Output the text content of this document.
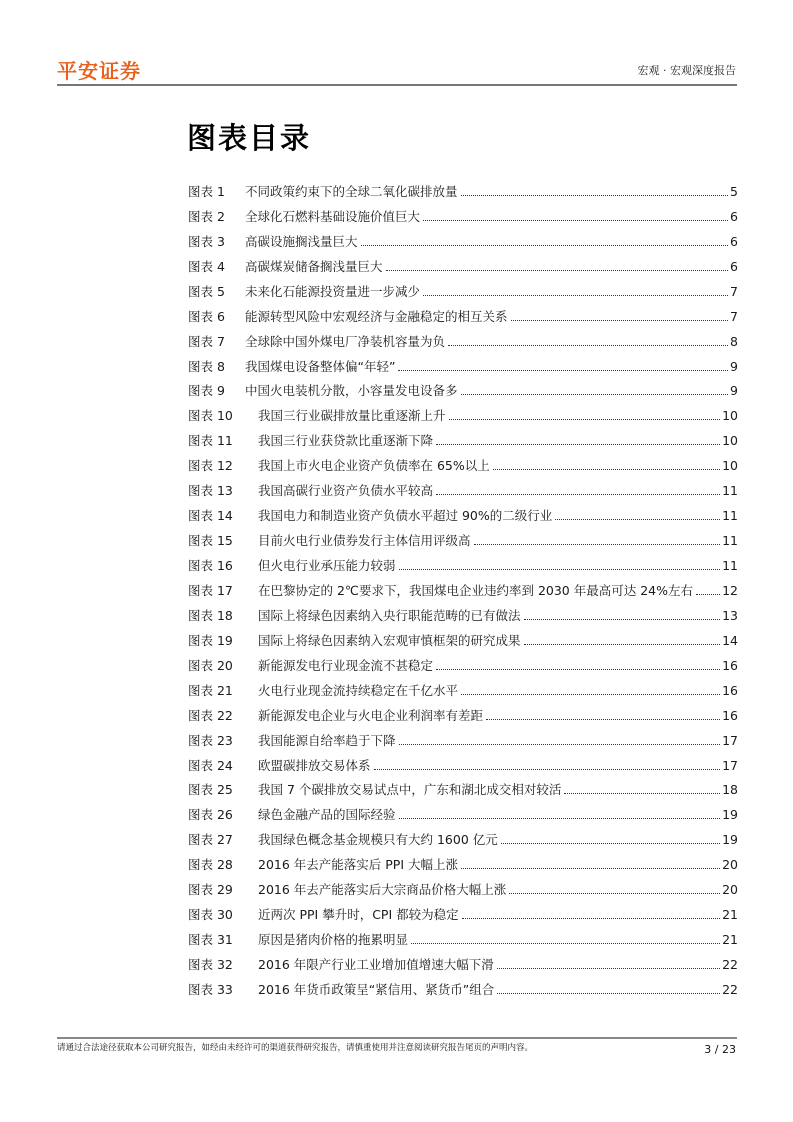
平安证券	宏观 · 宏观深度报告
图表目录
图表 1	不同政策约束下的全球二氧化碳排放量	5
图表 2	全球化石燃料基础设施价值巨大	6
图表 3	高碳设施搁浅量巨大	6
图表 4	高碳煤炭储备搁浅量巨大	6
图表 5	未来化石能源投资量进一步减少	7
图表 6	能源转型风险中宏观经济与金融稳定的相互关系	7
图表 7	全球除中国外煤电厂净装机容量为负	8
图表 8	我国煤电设备整体偏“年轻”	9
图表 9	中国火电装机分散，小容量发电设备多	9
图表 10	我国三行业碳排放量比重逐渐上升	10
图表 11	我国三行业获贷款比重逐渐下降	10
图表 12	我国上市火电企业资产负债率在 65%以上	10
图表 13	我国高碳行业资产负债水平较高	11
图表 14	我国电力和制造业资产负债水平超过 90%的二级行业	11
图表 15	目前火电行业债券发行主体信用评级高	11
图表 16	但火电行业承压能力较弱	11
图表 17	在巴黎协定的 2℃要求下，我国煤电企业违约率到 2030 年最高可达 24%左右 12
图表 18	国际上将绿色因素纳入央行职能范畴的已有做法	13
图表 19	国际上将绿色因素纳入宏观审慎框架的研究成果	14
图表 20	新能源发电行业现金流不甚稳定	16
图表 21	火电行业现金流持续稳定在千亿水平	16
图表 22	新能源发电企业与火电企业利润率有差距	16
图表 23	我国能源自给率趋于下降	17
图表 24	欧盟碳排放交易体系	17
图表 25	我国 7 个碳排放交易试点中，广东和湖北成交相对较活	18
图表 26	绿色金融产品的国际经验	19
图表 27	我国绿色概念基金规模只有大约 1600 亿元	19
图表 28	2016 年去产能落实后 PPI 大幅上涨	20
图表 29	2016 年去产能落实后大宗商品价格大幅上涨	20
图表 30	近两次 PPI 攀升时，CPI 都较为稳定	21
图表 31	原因是猪肉价格的拖累明显	21
图表 32	2016 年限产行业工业增加值增速大幅下滑	22
图表 33	2016 年货币政策呈“紧信用、紧货币”组合	22
请通过合法途径获取本公司研究报告，如经由未经许可的渠道获得研究报告，请慎重使用并注意阅读研究报告尾页的声明内容。	3 / 23
